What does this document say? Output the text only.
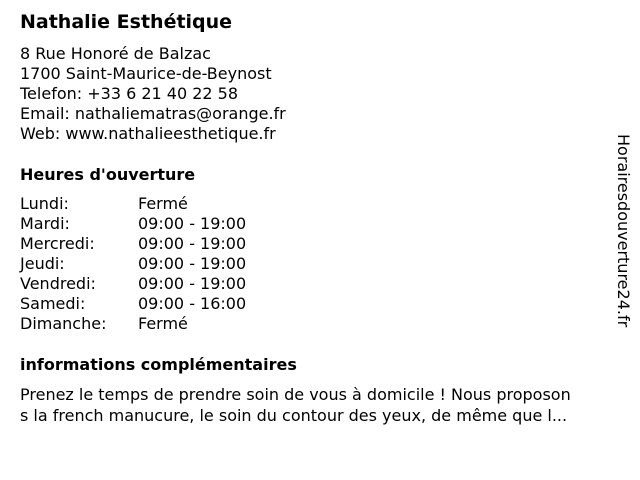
Nathalie Esthétique
8 Rue Honoré de Balzac
1700 Saint-Maurice-de-Beynost
Telefon: +33 6 21 40 22 58
Email: nathaliematras@orange.fr
Web: www.nathalieesthetique.fr
Heures d'ouverture
Lundi:	Fermé
Mardi:	09:00 - 19:00
Mercredi:	09:00 - 19:00
Jeudi:	09:00 - 19:00
Vendredi:	09:00 - 19:00
Samedi:	09:00 - 16:00
Dimanche:	Fermé
informations complémentaires
Prenez le temps de prendre soin de vous à domicile ! Nous proposon
s la french manucure, le soin du contour des yeux, de même que l...
Horairesdouverture24.fr
